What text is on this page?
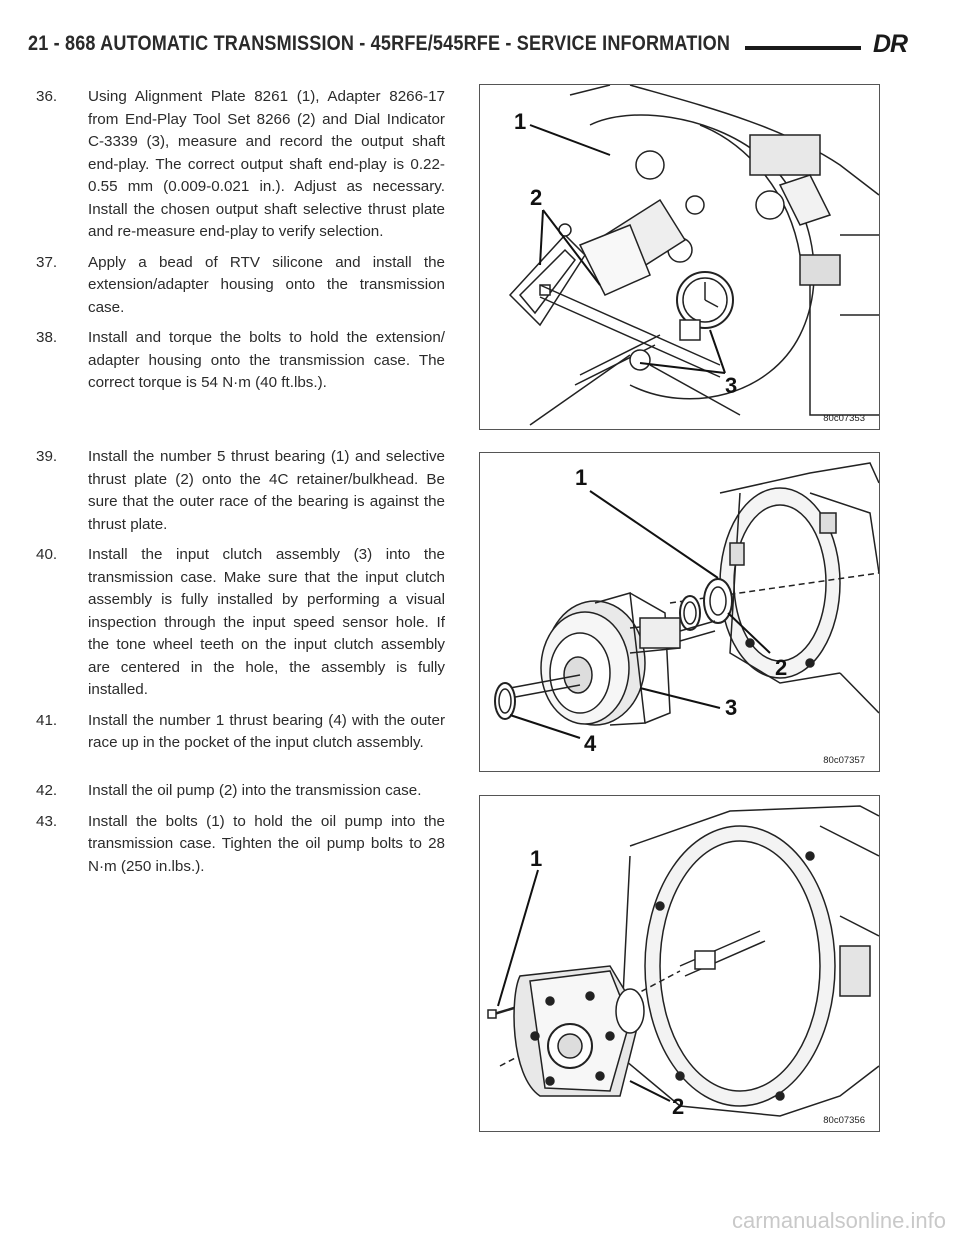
21 - 868 AUTOMATIC TRANSMISSION - 45RFE/545RFE - SERVICE INFORMATION	DR
36. Using Alignment Plate 8261 (1), Adapter 8266-17 from End-Play Tool Set 8266 (2) and Dial Indicator C-3339 (3), measure and record the output shaft end-play. The correct output shaft end-play is 0.22-0.55 mm (0.009-0.021 in.). Adjust as necessary. Install the chosen output shaft selective thrust plate and re-measure end-play to verify selection.
37. Apply a bead of RTV silicone and install the extension/adapter housing onto the transmission case.
38. Install and torque the bolts to hold the extension/ adapter housing onto the transmission case. The correct torque is 54 N·m (40 ft.lbs.).
1
2
3
80c07353
39. Install the number 5 thrust bearing (1) and selective thrust plate (2) onto the 4C retainer/bulkhead. Be sure that the outer race of the bearing is against the thrust plate.
40. Install the input clutch assembly (3) into the transmission case. Make sure that the input clutch assembly is fully installed by performing a visual inspection through the input speed sensor hole. If the tone wheel teeth on the input clutch assembly are centered in the hole, the assembly is fully installed.
41. Install the number 1 thrust bearing (4) with the outer race up in the pocket of the input clutch assembly.
1
2
3
4
80c07357
42. Install the oil pump (2) into the transmission case.
43. Install the bolts (1) to hold the oil pump into the transmission case. Tighten the oil pump bolts to 28 N·m (250 in.lbs.).	1
2
80c07356
carmanualsonline.info
